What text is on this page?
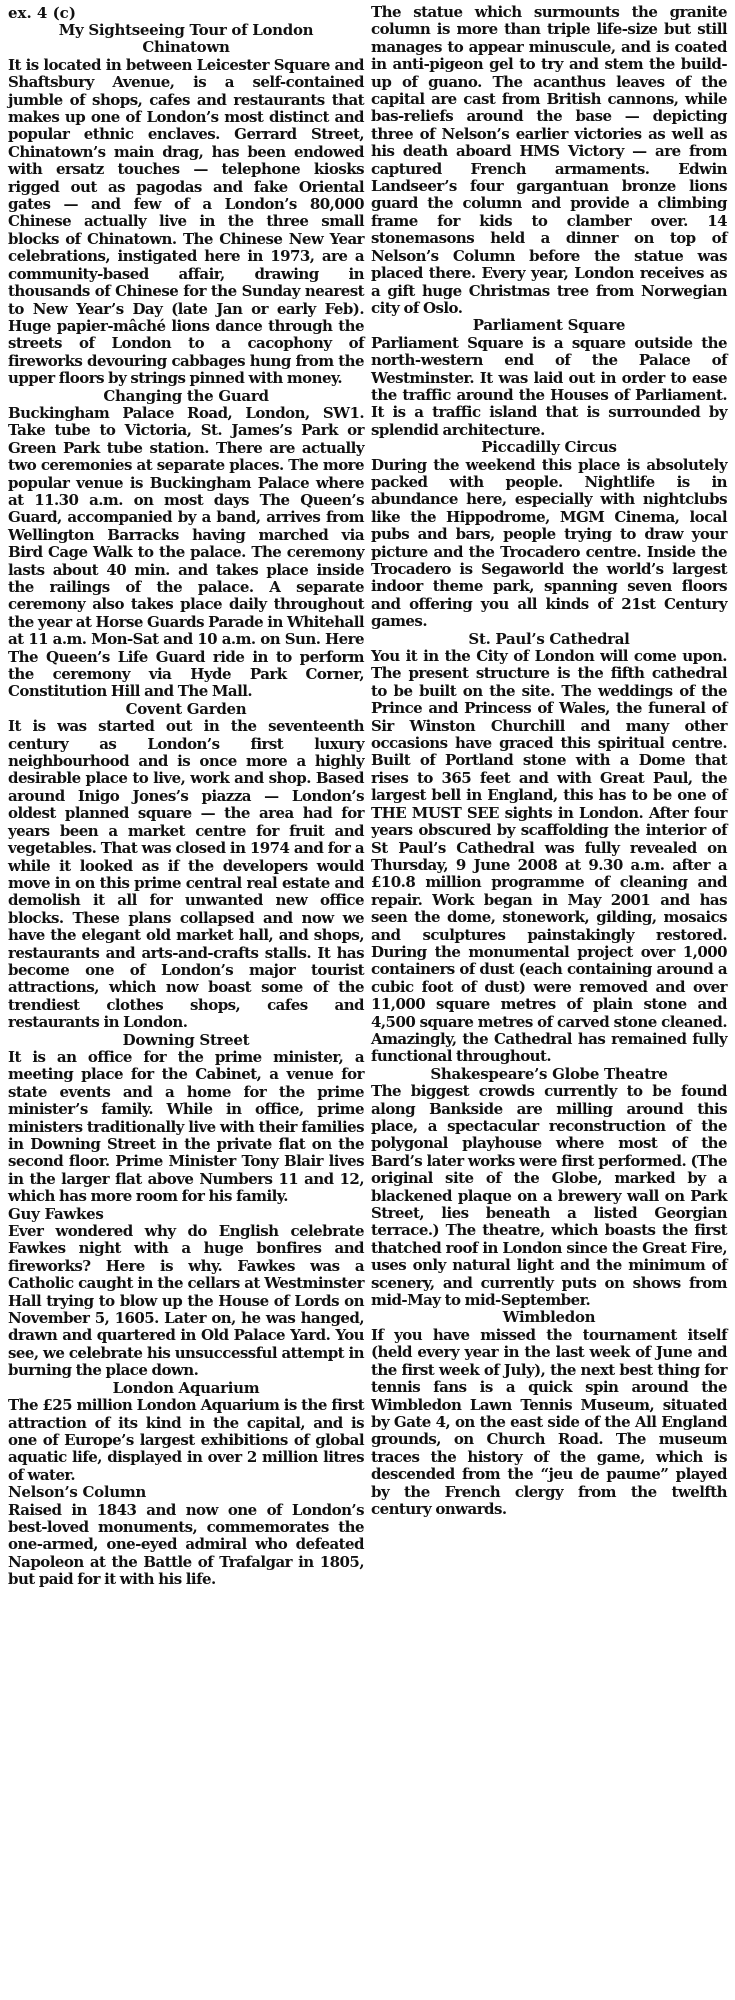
ex. 4 (c)
My Sightseeing Tour of London
Chinatown

It is located in between Leicester Square and Shaftsbury Avenue, is a self-contained jumble of shops, cafes and restaurants that makes up one of London’s most distinct and popular ethnic enclaves. Gerrard Street, Chinatown’s main drag, has been endowed with ersatz touches — telephone kiosks rigged out as pagodas and fake Oriental gates — and few of a London’s 80,000 Chinese actually live in the three small blocks of Chinatown. The Chinese New Year celebrations, instigated here in 1973, are a community-based affair, drawing in thousands of Chinese for the Sunday nearest to New Year’s Day (late Jan or early Feb). Huge papier-mâché lions dance through the streets of London to a cacophony of fireworks devouring cabbages hung from the upper floors by strings pinned with money.

Changing the Guard

Buckingham Palace Road, London, SW1. Take tube to Victoria, St. James’s Park or Green Park tube station. There are actually two ceremonies at separate places. The more popular venue is Buckingham Palace where at 11.30 a.m. on most days The Queen’s Guard, accompanied by a band, arrives from Wellington Barracks having marched via Bird Cage Walk to the palace. The ceremony lasts about 40 min. and takes place inside the railings of the palace. A separate ceremony also takes place daily throughout the year at Horse Guards Parade in Whitehall at 11 a.m. Mon-Sat and 10 a.m. on Sun. Here The Queen’s Life Guard ride in to perform the ceremony via Hyde Park Corner, Constitution Hill and The Mall.

Covent Garden

It is was started out in the seventeenth century as London’s first luxury neighbourhood and is once more a highly desirable place to live, work and shop. Based around Inigo Jones’s piazza — London’s oldest planned square — the area had for years been a market centre for fruit and vegetables. That was closed in 1974 and for a while it looked as if the developers would move in on this prime central real estate and demolish it all for unwanted new office blocks. These plans collapsed and now we have the elegant old market hall, and shops, restaurants and arts-and-crafts stalls. It has become one of London’s major tourist attractions, which now boast some of the trendiest clothes shops, cafes and restaurants in London.

Downing Street

It is an office for the prime minister, a meeting place for the Cabinet, a venue for state events and a home for the prime minister’s family. While in office, prime ministers traditionally live with their families in Downing Street in the private flat on the second floor. Prime Minister Tony Blair lives in the larger flat above Numbers 11 and 12, which has more room for his family.

Guy Fawkes

Ever wondered why do English celebrate Fawkes night with a huge bonfires and fireworks? Here is why. Fawkes was a Catholic caught in the cellars at Westminster Hall trying to blow up the House of Lords on November 5, 1605. Later on, he was hanged, drawn and quartered in Old Palace Yard. You see, we celebrate his unsuccessful attempt in burning the place down.

London Aquarium

The £25 million London Aquarium is the first attraction of its kind in the capital, and is one of Europe’s largest exhibitions of global aquatic life, displayed in over 2 million litres of water.

Nelson’s Column

Raised in 1843 and now one of London’s best-loved monuments, commemorates the one-armed, one-eyed admiral who defeated Napoleon at the Battle of Trafalgar in 1805, but paid for it with his life.

The statue which surmounts the granite column is more than triple life-size but still manages to appear minuscule, and is coated in anti-pigeon gel to try and stem the build-up of guano. The acanthus leaves of the capital are cast from British cannons, while bas-reliefs around the base — depicting three of Nelson’s earlier victories as well as his death aboard HMS Victory — are from captured French armaments. Edwin Landseer’s four gargantuan bronze lions guard the column and provide a climbing frame for kids to clamber over. 14 stonemasons held a dinner on top of Nelson’s Column before the statue was placed there. Every year, London receives as a gift huge Christmas tree from Norwegian city of Oslo.

Parliament Square

Parliament Square is a square outside the north-western end of the Palace of Westminster. It was laid out in order to ease the traffic around the Houses of Parliament. It is a traffic island that is surrounded by splendid architecture.

Piccadilly Circus

During the weekend this place is absolutely packed with people. Nightlife is in abundance here, especially with nightclubs like the Hippodrome, MGM Cinema, local pubs and bars, people trying to draw your picture and the Trocadero centre. Inside the Trocadero is Segaworld the world’s largest indoor theme park, spanning seven floors and offering you all kinds of 21st Century games.

St. Paul’s Cathedral

You it in the City of London will come upon. The present structure is the fifth cathedral to be built on the site. The weddings of the Prince and Princess of Wales, the funeral of Sir Winston Churchill and many other occasions have graced this spiritual centre. Built of Portland stone with a Dome that rises to 365 feet and with Great Paul, the largest bell in England, this has to be one of THE MUST SEE sights in London. After four years obscured by scaffolding the interior of St Paul’s Cathedral was fully revealed on Thursday, 9 June 2008 at 9.30 a.m. after a £10.8 million programme of cleaning and repair. Work began in May 2001 and has seen the dome, stonework, gilding, mosaics and sculptures painstakingly restored. During the monumental project over 1,000 containers of dust (each containing around a cubic foot of dust) were removed and over 11,000 square metres of plain stone and 4,500 square metres of carved stone cleaned. Amazingly, the Cathedral has remained fully functional throughout.

Shakespeare’s Globe Theatre

The biggest crowds currently to be found along Bankside are milling around this place, a spectacular reconstruction of the polygonal playhouse where most of the Bard’s later works were first performed. (The original site of the Globe, marked by a blackened plaque on a brewery wall on Park Street, lies beneath a listed Georgian terrace.) The theatre, which boasts the first thatched roof in London since the Great Fire, uses only natural light and the minimum of scenery, and currently puts on shows from mid-May to mid-September.

Wimbledon

If you have missed the tournament itself (held every year in the last week of June and the first week of July), the next best thing for tennis fans is a quick spin around the Wimbledon Lawn Tennis Museum, situated by Gate 4, on the east side of the All England grounds, on Church Road. The museum traces the history of the game, which is descended from the “jeu de paume” played by the French clergy from the twelfth century onwards.
